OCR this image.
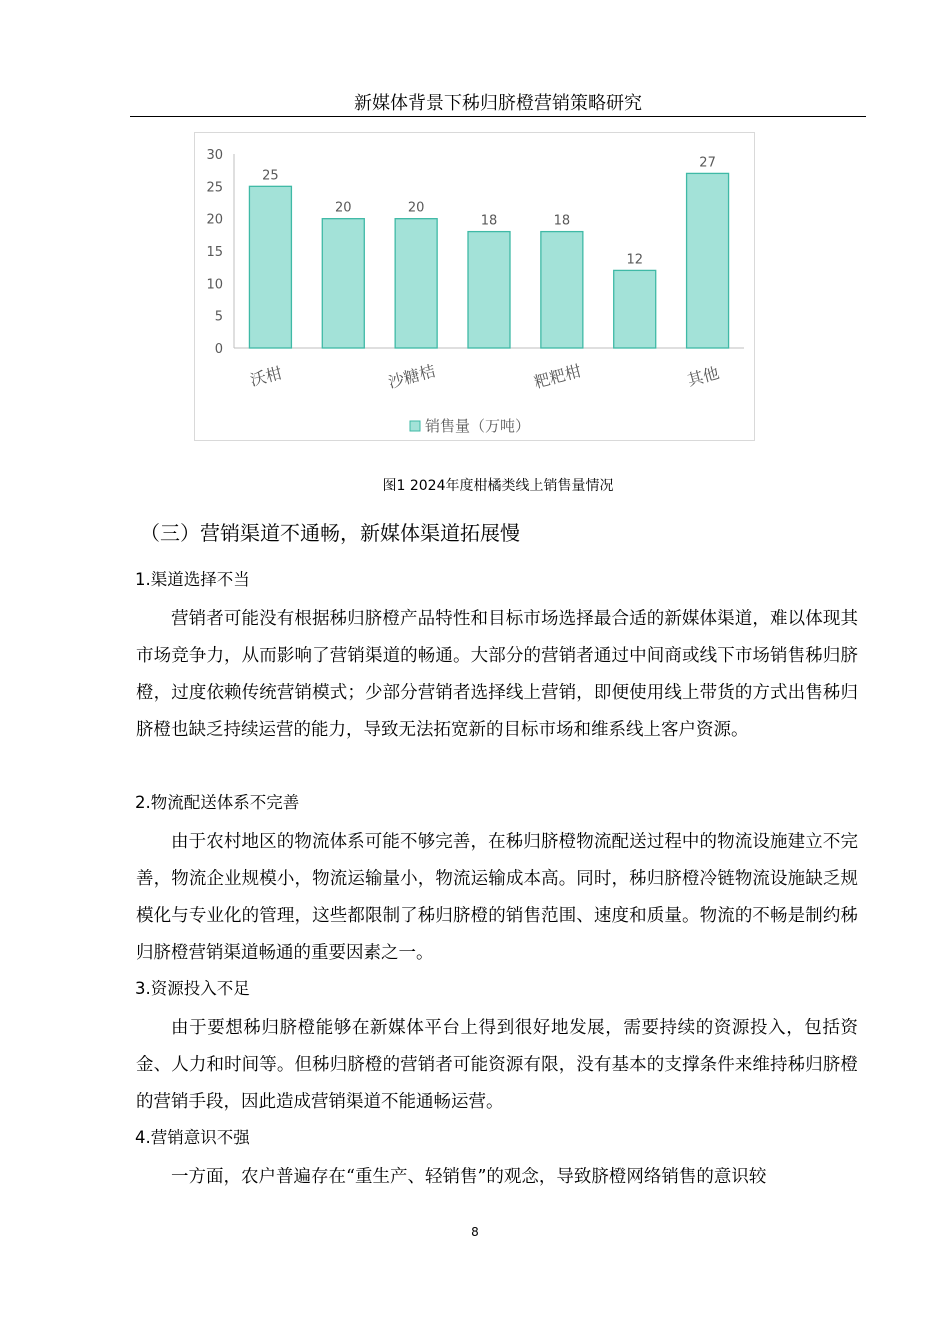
新媒体背景下秭归脐橙营销策略研究
0
5
10
15
20
25
30
25
沃柑
20	20
沙糖桔
18	18
粑粑柑
12
27
其他
销售量（万吨）
图1 2024年度柑橘类线上销售量情况
（三）营销渠道不通畅，新媒体渠道拓展慢
1.渠道选择不当

营销者可能没有根据秭归脐橙产品特性和目标市场选择最合适的新媒体渠道，难以体现其市场竞争力，从而影响了营销渠道的畅通。大部分的营销者通过中间商或线下市场销售秭归脐橙，过度依赖传统营销模式；少部分营销者选择线上营销，即便使用线上带货的方式出售秭归脐橙也缺乏持续运营的能力，导致无法拓宽新的目标市场和维系线上客户资源。

2.物流配送体系不完善

由于农村地区的物流体系可能不够完善，在秭归脐橙物流配送过程中的物流设施建立不完善，物流企业规模小，物流运输量小，物流运输成本高。同时，秭归脐橙冷链物流设施缺乏规模化与专业化的管理，这些都限制了秭归脐橙的销售范围、速度和质量。物流的不畅是制约秭归脐橙营销渠道畅通的重要因素之一。

3.资源投入不足

由于要想秭归脐橙能够在新媒体平台上得到很好地发展，需要持续的资源投入，包括资金、人力和时间等。但秭归脐橙的营销者可能资源有限，没有基本的支撑条件来维持秭归脐橙的营销手段，因此造成营销渠道不能通畅运营。

4.营销意识不强

一方面，农户普遍存在“重生产、轻销售”的观念，导致脐橙网络销售的意识较

8
